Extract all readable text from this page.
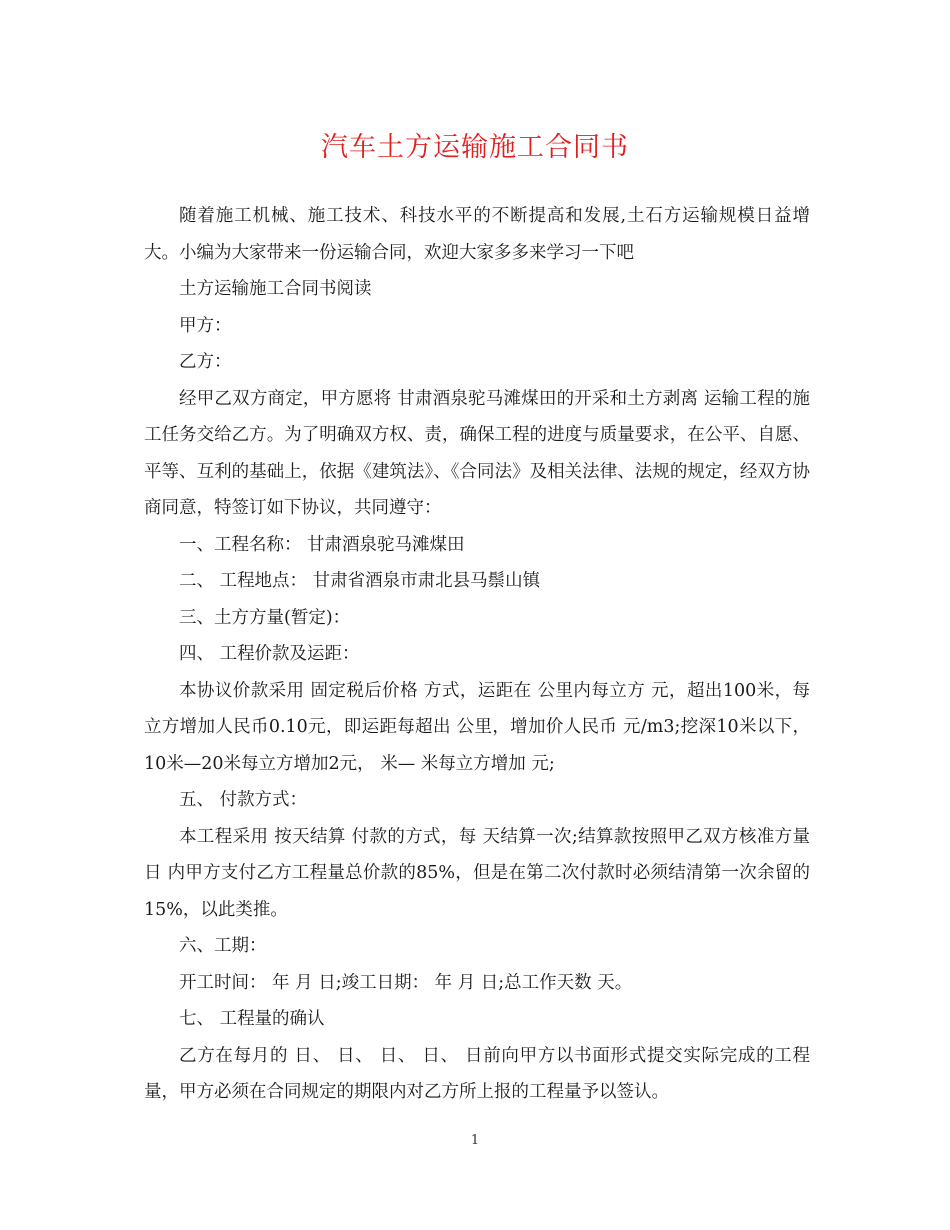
汽车土方运输施工合同书

随着施工机械、施工技术、科技水平的不断提高和发展,土石方运输规模日益增大。小编为大家带来一份运输合同，欢迎大家多多来学习一下吧

土方运输施工合同书阅读

甲方：

乙方：

经甲乙双方商定，甲方愿将 甘肃酒泉驼马滩煤田的开采和土方剥离 运输工程的施工任务交给乙方。为了明确双方权、责，确保工程的进度与质量要求，在公平、自愿、平等、互利的基础上，依据《建筑法》、《合同法》及相关法律、法规的规定，经双方协商同意，特签订如下协议，共同遵守：

一、工程名称： 甘肃酒泉驼马滩煤田

二、 工程地点： 甘肃省酒泉市肃北县马鬃山镇

三、土方方量(暂定)：

四、 工程价款及运距：

本协议价款采用 固定税后价格 方式，运距在 公里内每立方 元，超出100米，每立方增加人民币0.10元，即运距每超出 公里，增加价人民币 元/m3;挖深10米以下，10米—20米每立方增加2元， 米— 米每立方增加 元;

五、 付款方式：

本工程采用 按天结算 付款的方式，每 天结算一次;结算款按照甲乙双方核准方量日 内甲方支付乙方工程量总价款的85%，但是在第二次付款时必须结清第一次余留的15%，以此类推。

六、工期：

开工时间： 年 月 日;竣工日期： 年 月 日;总工作天数 天。

七、 工程量的确认

乙方在每月的 日、 日、 日、 日、 日前向甲方以书面形式提交实际完成的工程量，甲方必须在合同规定的期限内对乙方所上报的工程量予以签认。

1
